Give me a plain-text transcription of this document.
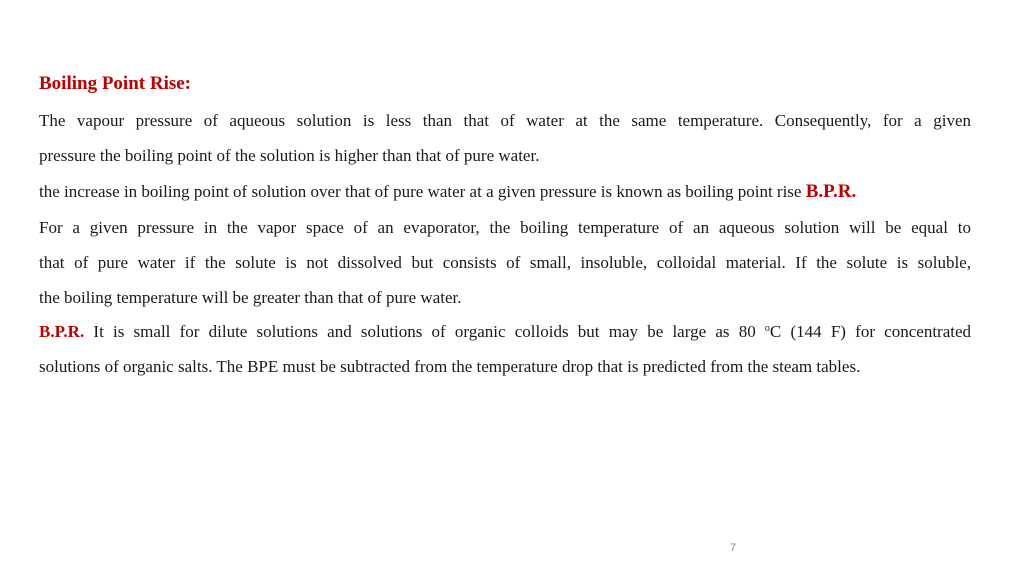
Boiling Point Rise:
The vapour pressure of aqueous solution is less than that of water at the same temperature. Consequently, for a given
pressure the boiling point of the solution is higher than that of pure water.
the increase in boiling point of solution over that of pure water at a given pressure is known as boiling point rise B.P.R.
For a given pressure in the vapor space of an evaporator, the boiling temperature of an aqueous solution will be equal to
that of pure water if the solute is not dissolved but consists of small, insoluble, colloidal material. If the solute is soluble,
the boiling temperature will be greater than that of pure water.
B.P.R. It is small for dilute solutions and solutions of organic colloids but may be large as 80 $^o$C (144 F) for concentrated
solutions of organic salts. The BPE must be subtracted from the temperature drop that is predicted from the steam tables.
7
